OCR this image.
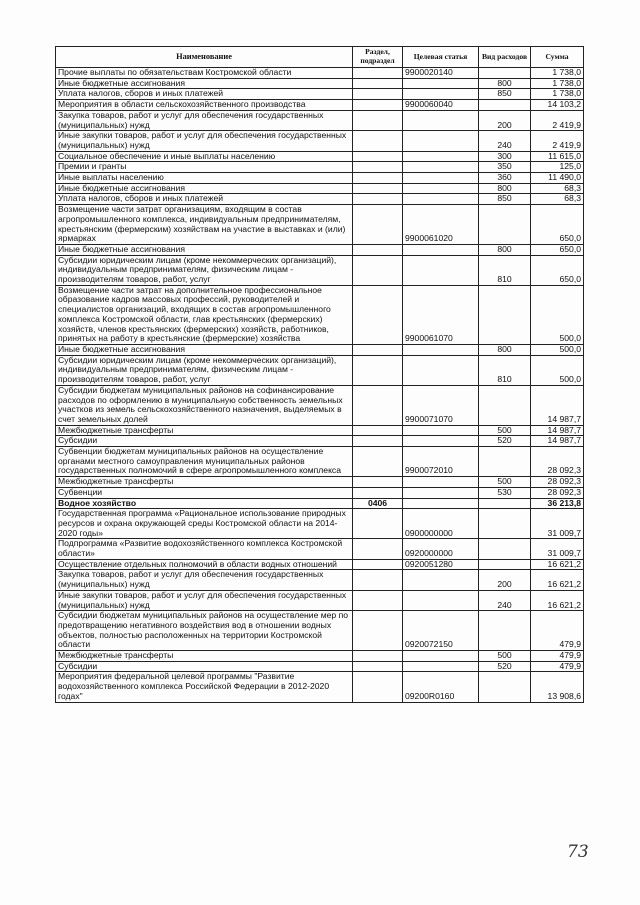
Наименование	Раздел, подраздел	Целевая статья	Вид расходов	Сумма
Прочие выплаты по обязательствам Костромской области		9900020140		1 738,0
Иные бюджетные ассигнования			800	1 738,0
Уплата налогов, сборов и иных платежей			850	1 738,0
Мероприятия в области сельскохозяйственного производства		9900060040		14 103,2
Закупка товаров, работ и услуг для обеспечения государственных (муниципальных) нужд			200	2 419,9
Иные закупки товаров, работ и услуг для обеспечения государственных (муниципальных) нужд			240	2 419,9
Социальное обеспечение и иные выплаты населению			300	11 615,0
Премии и гранты			350	125,0
Иные выплаты населению			360	11 490,0
Иные бюджетные ассигнования			800	68,3
Уплата налогов, сборов и иных платежей			850	68,3
Возмещение части затрат организациям, входящим в состав агропромышленного комплекса, индивидуальным предпринимателям, крестьянским (фермерским) хозяйствам на участие в выставках и (или) ярмарках		9900061020		650,0
Иные бюджетные ассигнования			800	650,0
Субсидии юридическим лицам (кроме некоммерческих организаций), индивидуальным предпринимателям, физическим лицам - производителям товаров, работ, услуг			810	650,0
Возмещение части затрат на дополнительное профессиональное образование кадров массовых профессий, руководителей и специалистов организаций, входящих в состав агропромышленного комплекса Костромской области, глав крестьянских (фермерских) хозяйств, членов крестьянских (фермерских) хозяйств, работников, принятых на работу в крестьянские (фермерские) хозяйства		9900061070		500,0
Иные бюджетные ассигнования			800	500,0
Субсидии юридическим лицам (кроме некоммерческих организаций), индивидуальным предпринимателям, физическим лицам - производителям товаров, работ, услуг			810	500,0
Субсидии бюджетам муниципальных районов на софинансирование расходов по оформлению в муниципальную собственность земельных участков из земель сельскохозяйственного назначения, выделяемых в счет земельных долей		9900071070		14 987,7
Межбюджетные трансферты			500	14 987,7
Субсидии			520	14 987,7
Субвенции бюджетам муниципальных районов на осуществление органами местного самоуправления муниципальных районов государственных полномочий в сфере агропромышленного комплекса		9900072010		28 092,3
Межбюджетные трансферты			500	28 092,3
Субвенции			530	28 092,3
Водное хозяйство	0406			36 213,8
Государственная программа «Рациональное использование природных ресурсов и охрана окружающей среды Костромской области на 2014-2020 годы»		0900000000		31 009,7
Подпрограмма «Развитие водохозяйственного комплекса Костромской области»		0920000000		31 009,7
Осуществление отдельных полномочий в области водных отношений		0920051280		16 621,2
Закупка товаров, работ и услуг для обеспечения государственных (муниципальных) нужд			200	16 621,2
Иные закупки товаров, работ и услуг для обеспечения государственных (муниципальных) нужд			240	16 621,2
Субсидии бюджетам муниципальных районов на осуществление мер по предотвращению негативного воздействия вод в отношении водных объектов, полностью расположенных на территории Костромской области		0920072150		479,9
Межбюджетные трансферты			500	479,9
Субсидии			520	479,9
Мероприятия федеральной целевой программы "Развитие водохозяйственного комплекса Российской Федерации в 2012-2020 годах"		09200R0160		13 908,6
73
